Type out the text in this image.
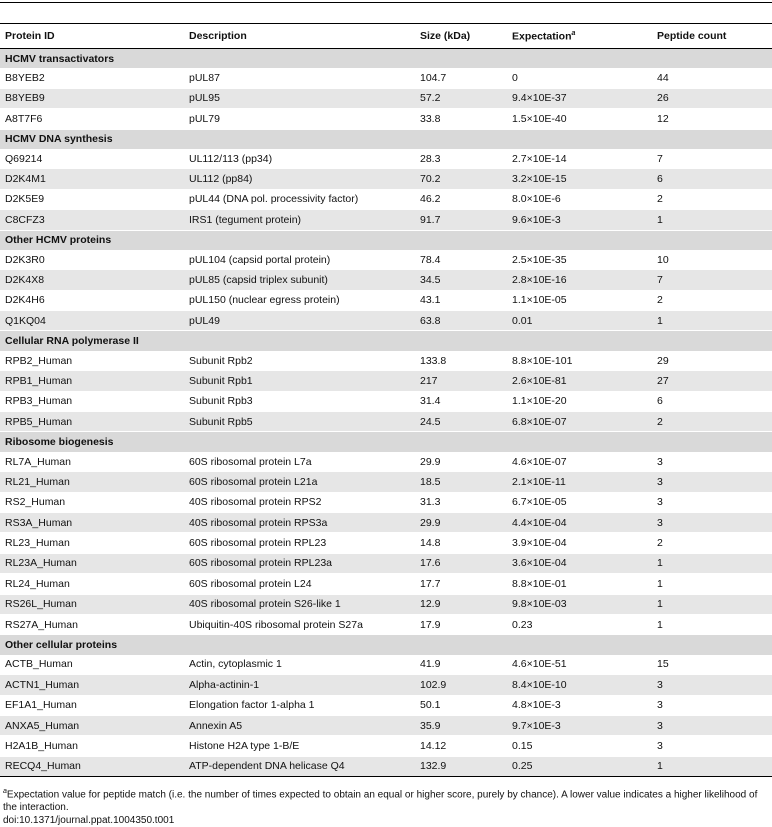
Protein ID	Description	Size (kDa)	Expectation$^a$	Peptide count
HCMV transactivators				
B8YEB2	pUL87	104.7	0	44
B8YEB9	pUL95	57.2	9.4×10E-37	26
A8T7F6	pUL79	33.8	1.5×10E-40	12
HCMV DNA synthesis				
Q69214	UL112/113 (pp34)	28.3	2.7×10E-14	7
D2K4M1	UL112 (pp84)	70.2	3.2×10E-15	6
D2K5E9	pUL44 (DNA pol. processivity factor)	46.2	8.0×10E-6	2
C8CFZ3	IRS1 (tegument protein)	91.7	9.6×10E-3	1
Other HCMV proteins				
D2K3R0	pUL104 (capsid portal protein)	78.4	2.5×10E-35	10
D2K4X8	pUL85 (capsid triplex subunit)	34.5	2.8×10E-16	7
D2K4H6	pUL150 (nuclear egress protein)	43.1	1.1×10E-05	2
Q1KQ04	pUL49	63.8	0.01	1
Cellular RNA polymerase II				
RPB2_Human	Subunit Rpb2	133.8	8.8×10E-101	29
RPB1_Human	Subunit Rpb1	217	2.6×10E-81	27
RPB3_Human	Subunit Rpb3	31.4	1.1×10E-20	6
RPB5_Human	Subunit Rpb5	24.5	6.8×10E-07	2
Ribosome biogenesis				
RL7A_Human	60S ribosomal protein L7a	29.9	4.6×10E-07	3
RL21_Human	60S ribosomal protein L21a	18.5	2.1×10E-11	3
RS2_Human	40S ribosomal protein RPS2	31.3	6.7×10E-05	3
RS3A_Human	40S ribosomal protein RPS3a	29.9	4.4×10E-04	3
RL23_Human	60S ribosomal protein RPL23	14.8	3.9×10E-04	2
RL23A_Human	60S ribosomal protein RPL23a	17.6	3.6×10E-04	1
RL24_Human	60S ribosomal protein L24	17.7	8.8×10E-01	1
RS26L_Human	40S ribosomal protein S26-like 1	12.9	9.8×10E-03	1
RS27A_Human	Ubiquitin-40S ribosomal protein S27a	17.9	0.23	1
Other cellular proteins				
ACTB_Human	Actin, cytoplasmic 1	41.9	4.6×10E-51	15
ACTN1_Human	Alpha-actinin-1	102.9	8.4×10E-10	3
EF1A1_Human	Elongation factor 1-alpha 1	50.1	4.8×10E-3	3
ANXA5_Human	Annexin A5	35.9	9.7×10E-3	3
H2A1B_Human	Histone H2A type 1-B/E	14.12	0.15	3
RECQ4_Human	ATP-dependent DNA helicase Q4	132.9	0.25	1
$^a$Expectation value for peptide match (i.e. the number of times expected to obtain an equal or higher score, purely by chance). A lower value indicates a higher likelihood of the interaction.
doi:10.1371/journal.ppat.1004350.t001
